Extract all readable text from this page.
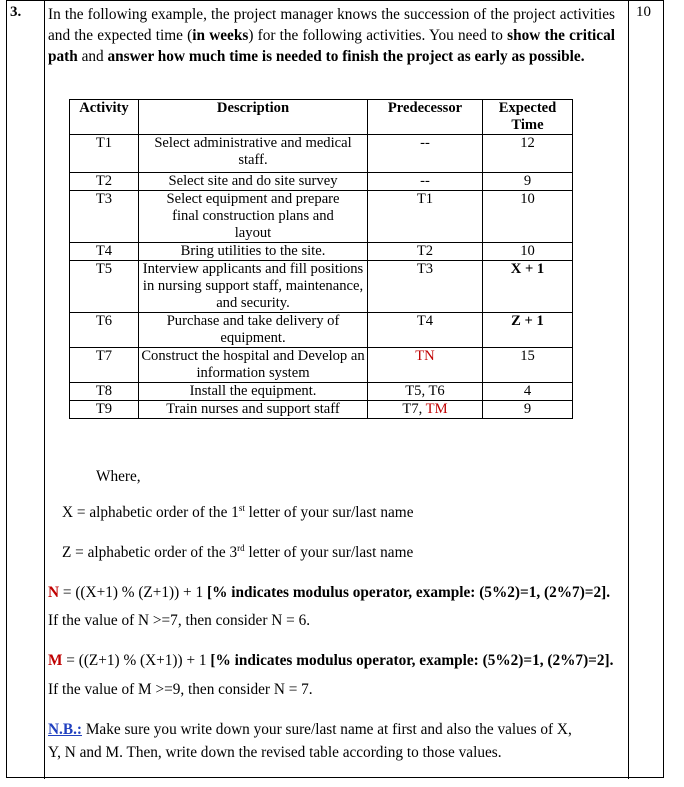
3.	10
In the following example, the project manager knows the succession of the project activities and the expected time (in weeks) for the following activities. You need to show the critical path and answer how much time is needed to finish the project as early as possible.
Activity	Description	Predecessor	Expected Time
T1	Select administrative and medical staff.	--	12
T2	Select site and do site survey	--	9
T3	Select equipment and prepare final construction plans and layout	T1	10
T4	Bring utilities to the site.	T2	10
T5	Interview applicants and fill positions in nursing support staff, maintenance, and security.	T3	X + 1
T6	Purchase and take delivery of equipment.	T4	Z + 1
T7	Construct the hospital and Develop an information system	TN	15
T8	Install the equipment.	T5, T6	4
T9	Train nurses and support staff	T7, TM	9
Where,
X = alphabetic order of the 1st letter of your sur/last name
Z = alphabetic order of the 3rd letter of your sur/last name
N = ((X+1) % (Z+1)) + 1 [% indicates modulus operator, example: (5%2)=1, (2%7)=2].
If the value of N >=7, then consider N = 6.
M = ((Z+1) % (X+1)) + 1 [% indicates modulus operator, example: (5%2)=1, (2%7)=2].
If the value of M >=9, then consider N = 7.
N.B.: Make sure you write down your sure/last name at first and also the values of X,
Y, N and M. Then, write down the revised table according to those values.
